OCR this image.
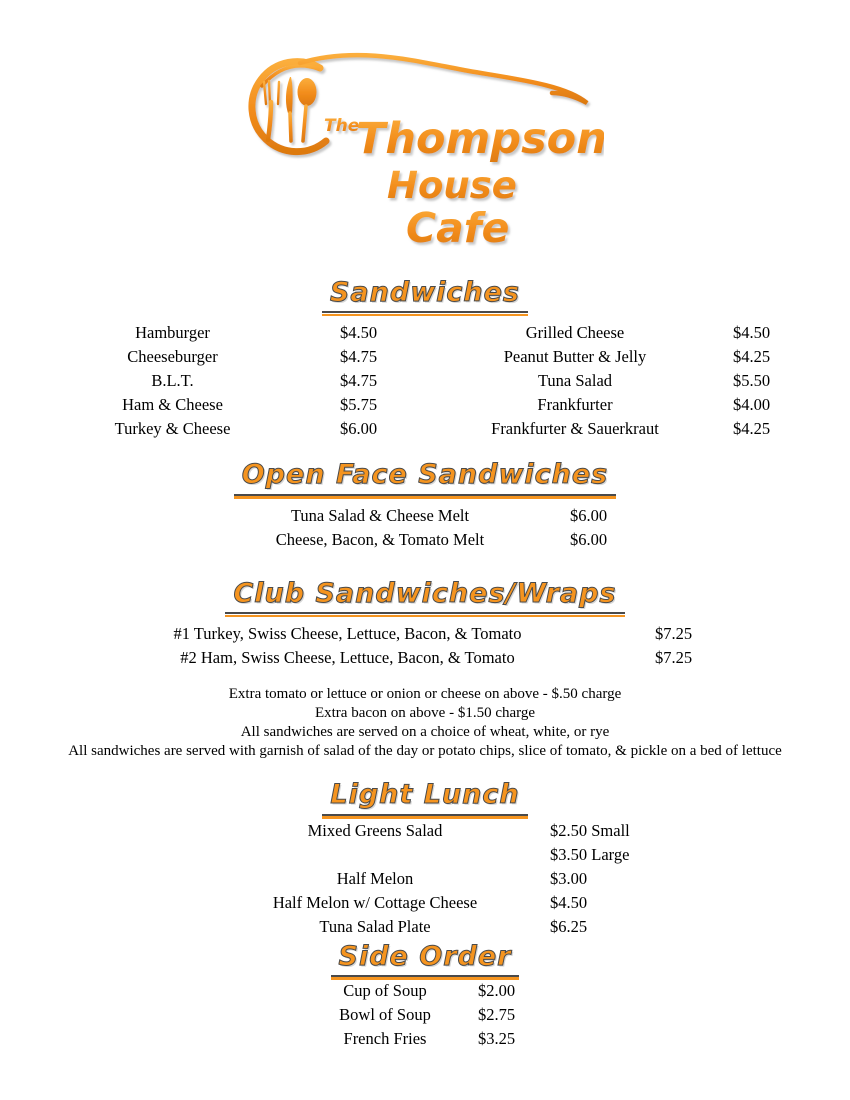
The
Thompson
House
Cafe
Sandwiches
Hamburger	$4.50
Cheeseburger	$4.75
B.L.T.	$4.75
Ham & Cheese	$5.75
Turkey & Cheese	$6.00
Grilled Cheese	$4.50
Peanut Butter & Jelly	$4.25
Tuna Salad	$5.50
Frankfurter	$4.00
Frankfurter & Sauerkraut	$4.25
Open Face Sandwiches
Tuna Salad & Cheese Melt	$6.00
Cheese, Bacon, & Tomato Melt	$6.00
Club Sandwiches/Wraps
#1 Turkey, Swiss Cheese, Lettuce, Bacon, & Tomato	$7.25
#2 Ham, Swiss Cheese, Lettuce, Bacon, & Tomato	$7.25
Extra tomato or lettuce or onion or cheese on above - $.50 charge
Extra bacon on above - $1.50 charge
All sandwiches are served on a choice of wheat, white, or rye
All sandwiches are served with garnish of salad of the day or potato chips, slice of tomato, & pickle on a bed of lettuce
Light Lunch
Mixed Greens Salad	$2.50 Small
$3.50 Large
Half Melon	$3.00
Half Melon w/ Cottage Cheese	$4.50
Tuna Salad Plate	$6.25
Side Order
Cup of Soup	$2.00
Bowl of Soup	$2.75
French Fries	$3.25
